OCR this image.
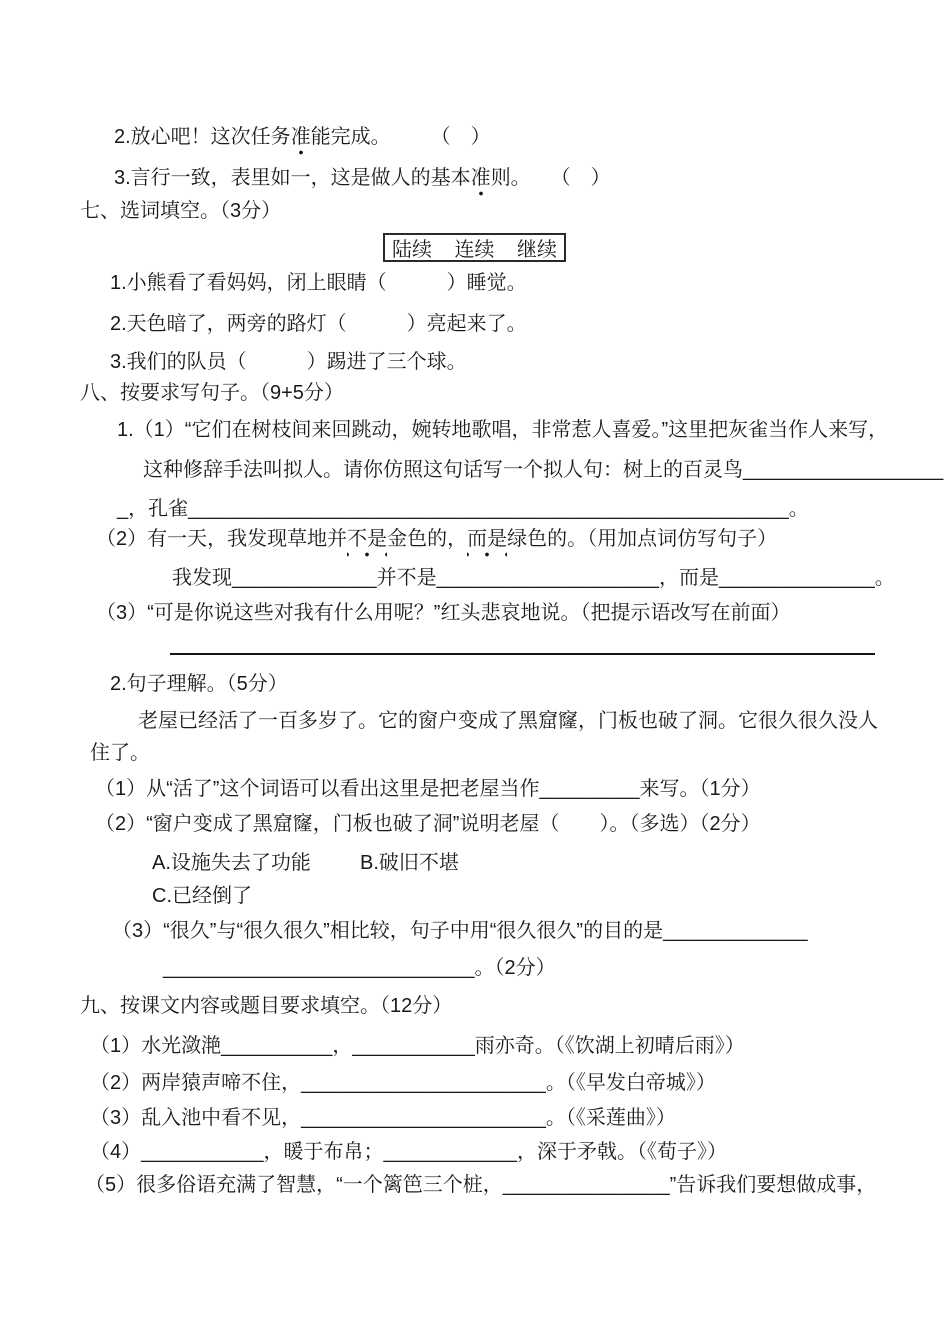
2.放心吧！这次任务准能完成。　　　（　）
3.言行一致，表里如一，这是做人的基本准则。　　（　）
七、选词填空。（3分）
陆续 连续 继续
1.小熊看了看妈妈，闭上眼睛（　　　）睡觉。
2.天色暗了，两旁的路灯（　　　）亮起来了。
3.我们的队员（　　　）踢进了三个球。
八、按要求写句子。（9+5分）
1.（1）“它们在树枝间来回跳动，婉转地歌唱，非常惹人喜爱。”这里把灰雀当作人来写，
这种修辞手法叫拟人。请你仿照这句话写一个拟人句：树上的百灵鸟__________________
_，孔雀______________________________________________________。
（2）有一天，我发现草地并不是金色的，而是绿色的。（用加点词仿写句子）
我发现_____________并不是____________________，而是______________。
（3）“可是你说这些对我有什么用呢？”红头悲哀地说。（把提示语改写在前面）
2.句子理解。（5分）
老屋已经活了一百多岁了。它的窗户变成了黑窟窿，门板也破了洞。它很久很久没人
住了。
（1）从“活了”这个词语可以看出这里是把老屋当作_________来写。（1分）
（2）“窗户变成了黑窟窿，门板也破了洞”说明老屋（　　）。（多选）（2分）
A.设施失去了功能 B.破旧不堪
C.已经倒了
（3）“很久”与“很久很久”相比较，句子中用“很久很久”的目的是_____________
____________________________。（2分）
九、按课文内容或题目要求填空。（12分）
（1）水光潋滟__________，___________雨亦奇。（《饮湖上初晴后雨》）
（2）两岸猿声啼不住，______________________。（《早发白帝城》）
（3）乱入池中看不见，______________________。（《采莲曲》）
（4）___________，暖于布帛；____________，深于矛戟。（《荀子》）
（5）很多俗语充满了智慧，“一个篱笆三个桩，_______________”告诉我们要想做成事，
